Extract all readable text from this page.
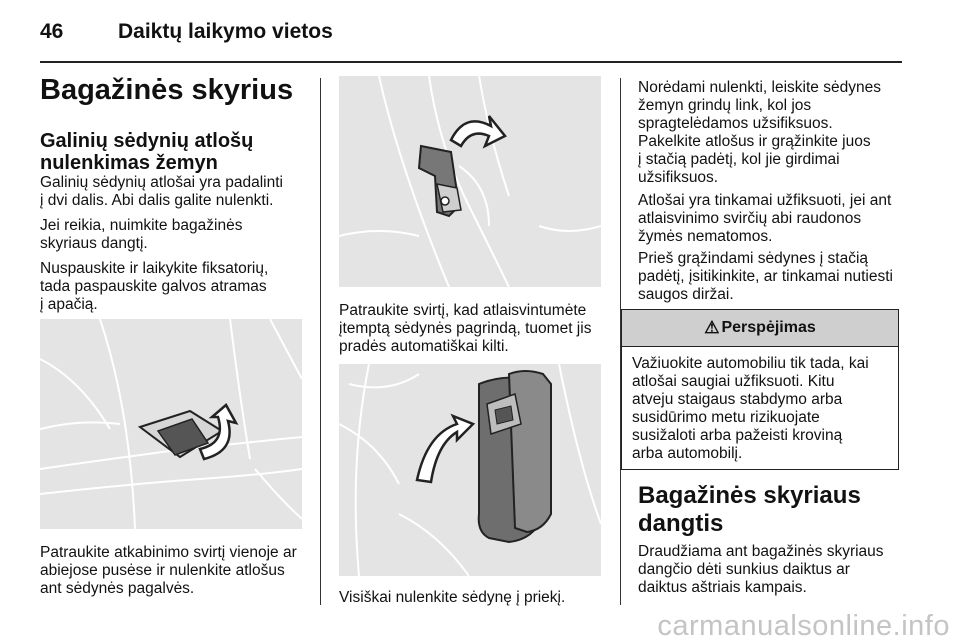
46	Daiktų laikymo vietos
Bagažinės skyrius
Galinių sėdynių atlošų
nulenkimas žemyn
Galinių sėdynių atlošai yra padalinti
į dvi dalis. Abi dalis galite nulenkti.
Jei reikia, nuimkite bagažinės
skyriaus dangtį.
Nuspauskite ir laikykite fiksatorių,
tada paspauskite galvos atramas
į apačią.
Patraukite atkabinimo svirtį vienoje ar
abiejose pusėse ir nulenkite atlošus
ant sėdynės pagalvės.
Patraukite svirtį, kad atlaisvintumėte
įtemptą sėdynės pagrindą, tuomet jis
pradės automatiškai kilti.
Visiškai nulenkite sėdynę į priekį.
Norėdami nulenkti, leiskite sėdynes
žemyn grindų link, kol jos
spragtelėdamos užsifiksuos.
Pakelkite atlošus ir grąžinkite juos
į stačią padėtį, kol jie girdimai
užsifiksuos.
Atlošai yra tinkamai užfiksuoti, jei ant
atlaisvinimo svirčių abi raudonos
žymės nematomos.
Prieš grąžindami sėdynes į stačią
padėtį, įsitikinkite, ar tinkamai nutiesti
saugos diržai.
⚠ Perspėjimas
Važiuokite automobiliu tik tada, kai
atlošai saugiai užfiksuoti. Kitu
atveju staigaus stabdymo arba
susidūrimo metu rizikuojate
susižaloti arba pažeisti kroviną
arba automobilį.
Bagažinės skyriaus
dangtis
Draudžiama ant bagažinės skyriaus
dangčio dėti sunkius daiktus ar
daiktus aštriais kampais.
carmanualsonline.info
